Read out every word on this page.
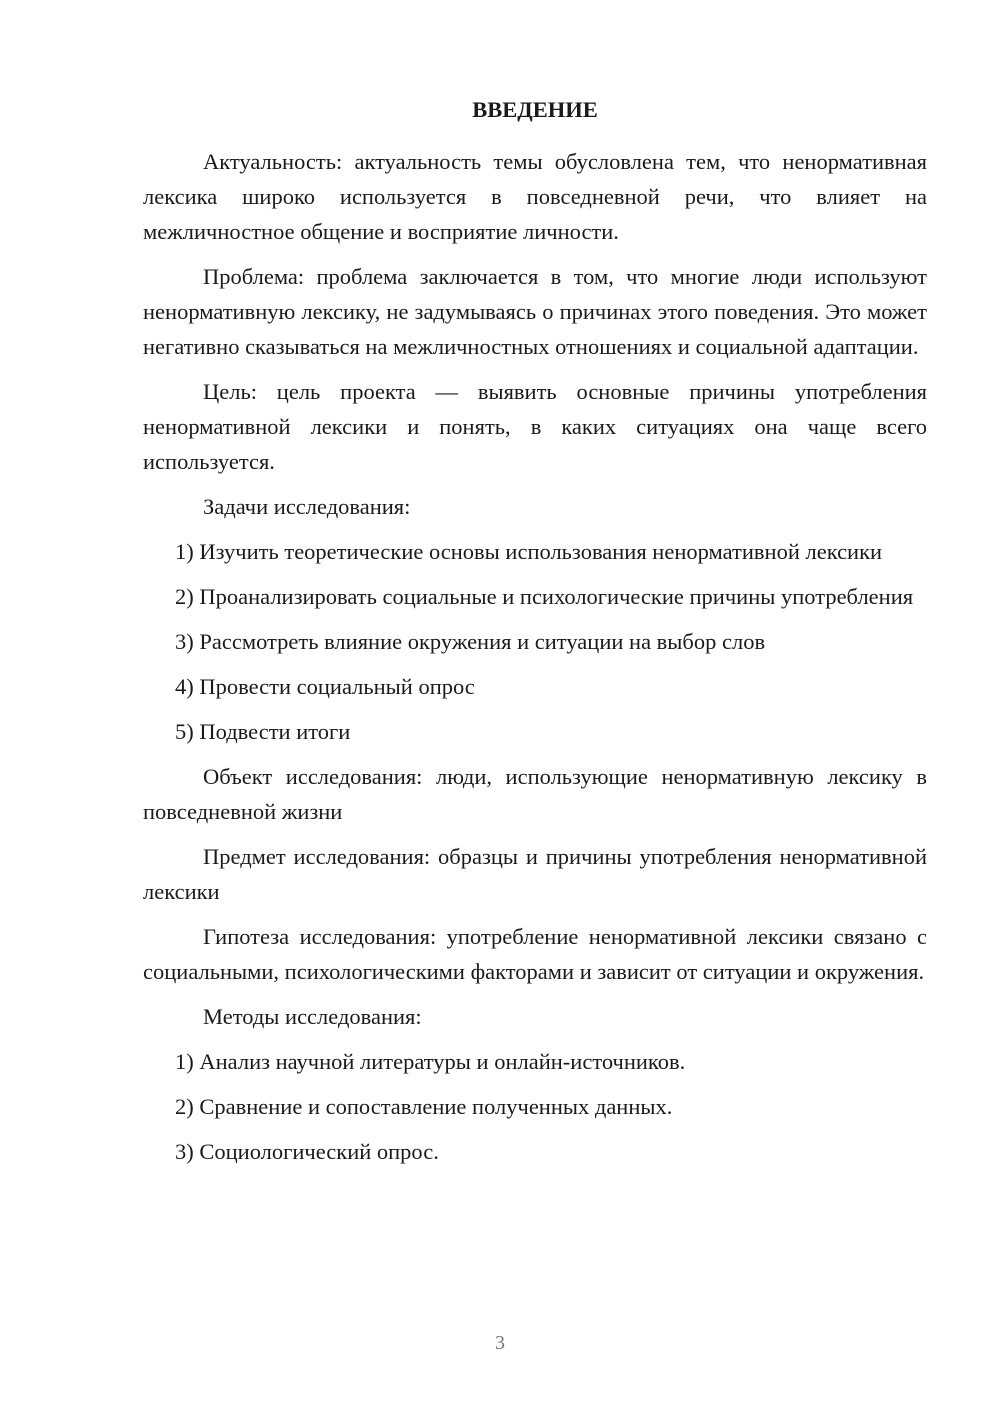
ВВЕДЕНИЕ

Актуальность: актуальность темы обусловлена тем, что ненормативная лексика широко используется в повседневной речи, что влияет на межличностное общение и восприятие личности.

Проблема: проблема заключается в том, что многие люди используют ненормативную лексику, не задумываясь о причинах этого поведения. Это может негативно сказываться на межличностных отношениях и социальной адаптации.

Цель: цель проекта — выявить основные причины употребления ненормативной лексики и понять, в каких ситуациях она чаще всего используется.

Задачи исследования:

1) Изучить теоретические основы использования ненормативной лексики

2) Проанализировать социальные и психологические причины употребления

3) Рассмотреть влияние окружения и ситуации на выбор слов

4) Провести социальный опрос

5) Подвести итоги

Объект исследования: люди, использующие ненормативную лексику в повседневной жизни

Предмет исследования: образцы и причины употребления ненормативной лексики

Гипотеза исследования: употребление ненормативной лексики связано с социальными, психологическими факторами и зависит от ситуации и окружения.

Методы исследования:

1) Анализ научной литературы и онлайн-источников.

2) Сравнение и сопоставление полученных данных.

3) Социологический опрос.

3
